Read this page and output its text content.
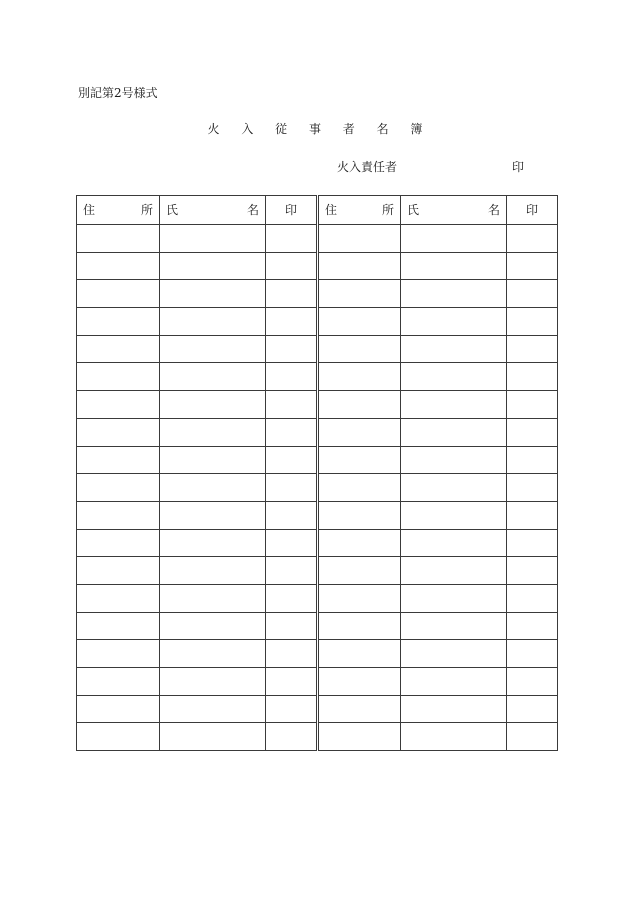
別記第2号様式
火 入 従 事 者 名 簿
火入責任者	印
住 所	氏 名	印	住 所	氏 名	印
